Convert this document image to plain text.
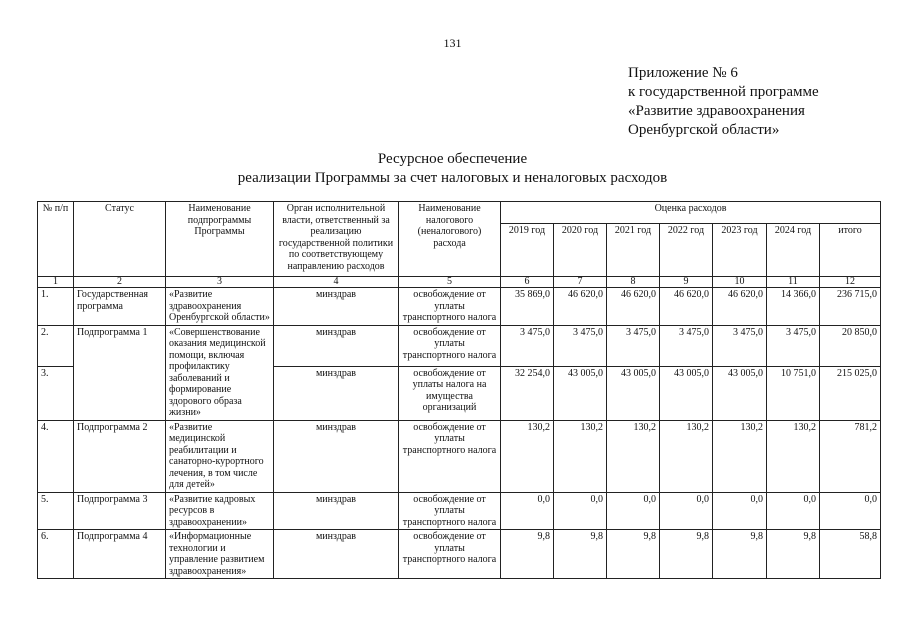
131
Приложение № 6
к государственной программе
«Развитие здравоохранения
Оренбургской области»
Ресурсное обеспечение
реализации Программы за счет налоговых и неналоговых расходов
№ п/п	Статус	Наименование подпрограммы Программы	Орган исполнительной власти, ответственный за реализацию государственной политики по соответствующему направлению расходов	Наименование налогового (неналогового) расхода	Оценка расходов						
					2019 год	2020 год	2021 год	2022 год	2023 год	2024 год	итого
1	2	3	4	5	6	7	8	9	10	11	12
1.	Государственная программа	«Развитие здравоохранения Оренбургской области»	минздрав	освобождение от уплаты транспортного налога	35 869,0	46 620,0	46 620,0	46 620,0	46 620,0	14 366,0	236 715,0
2.	Подпрограмма 1	«Совершенствование оказания медицинской помощи, включая профилактику заболеваний и формирование здорового образа жизни»	минздрав	освобождение от уплаты транспортного налога	3 475,0	3 475,0	3 475,0	3 475,0	3 475,0	3 475,0	20 850,0
3.			минздрав	освобождение от уплаты налога на имущества организаций	32 254,0	43 005,0	43 005,0	43 005,0	43 005,0	10 751,0	215 025,0
4.	Подпрограмма 2	«Развитие медицинской реабилитации и санаторно-курортного лечения, в том числе для детей»	минздрав	освобождение от уплаты транспортного налога	130,2	130,2	130,2	130,2	130,2	130,2	781,2
5.	Подпрограмма 3	«Развитие кадровых ресурсов в здравоохранении»	минздрав	освобождение от уплаты транспортного налога	0,0	0,0	0,0	0,0	0,0	0,0	0,0
6.	Подпрограмма 4	«Информационные технологии и управление развитием здравоохранения»	минздрав	освобождение от уплаты транспортного налога	9,8	9,8	9,8	9,8	9,8	9,8	58,8
